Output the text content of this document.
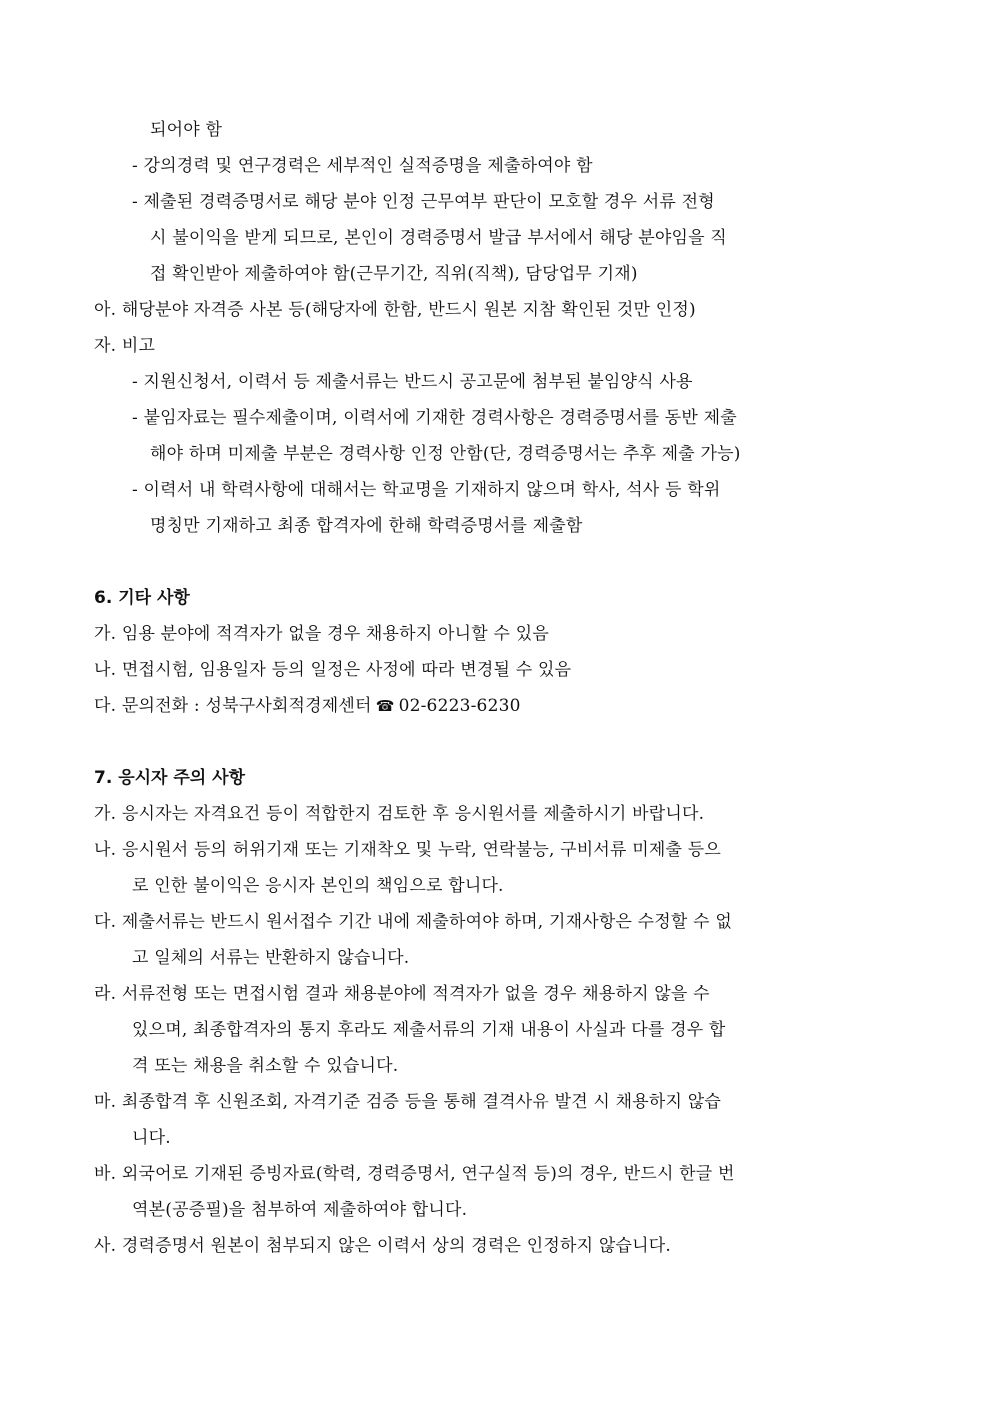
되어야 함
- 강의경력 및 연구경력은 세부적인 실적증명을 제출하여야 함
- 제출된 경력증명서로 해당 분야 인정 근무여부 판단이 모호할 경우 서류 전형
시 불이익을 받게 되므로, 본인이 경력증명서 발급 부서에서 해당 분야임을 직
접 확인받아 제출하여야 함(근무기간, 직위(직책), 담당업무 기재)
아. 해당분야 자격증 사본 등(해당자에 한함, 반드시 원본 지참 확인된 것만 인정)
자. 비고
- 지원신청서, 이력서 등 제출서류는 반드시 공고문에 첨부된 붙임양식 사용
- 붙임자료는 필수제출이며, 이력서에 기재한 경력사항은 경력증명서를 동반 제출
해야 하며 미제출 부분은 경력사항 인정 안함(단, 경력증명서는 추후 제출 가능)
- 이력서 내 학력사항에 대해서는 학교명을 기재하지 않으며 학사, 석사 등 학위
명칭만 기재하고 최종 합격자에 한해 학력증명서를 제출함
6. 기타 사항
가. 임용 분야에 적격자가 없을 경우 채용하지 아니할 수 있음
나. 면접시험, 임용일자 등의 일정은 사정에 따라 변경될 수 있음
다. 문의전화 : 성북구사회적경제센터 ☎ 02-6223-6230
7. 응시자 주의 사항
가. 응시자는 자격요건 등이 적합한지 검토한 후 응시원서를 제출하시기 바랍니다.
나. 응시원서 등의 허위기재 또는 기재착오 및 누락, 연락불능, 구비서류 미제출 등으
로 인한 불이익은 응시자 본인의 책임으로 합니다.
다. 제출서류는 반드시 원서접수 기간 내에 제출하여야 하며, 기재사항은 수정할 수 없
고 일체의 서류는 반환하지 않습니다.
라. 서류전형 또는 면접시험 결과 채용분야에 적격자가 없을 경우 채용하지 않을 수
있으며, 최종합격자의 통지 후라도 제출서류의 기재 내용이 사실과 다를 경우 합
격 또는 채용을 취소할 수 있습니다.
마. 최종합격 후 신원조회, 자격기준 검증 등을 통해 결격사유 발견 시 채용하지 않습
니다.
바. 외국어로 기재된 증빙자료(학력, 경력증명서, 연구실적 등)의 경우, 반드시 한글 번
역본(공증필)을 첨부하여 제출하여야 합니다.
사. 경력증명서 원본이 첨부되지 않은 이력서 상의 경력은 인정하지 않습니다.
